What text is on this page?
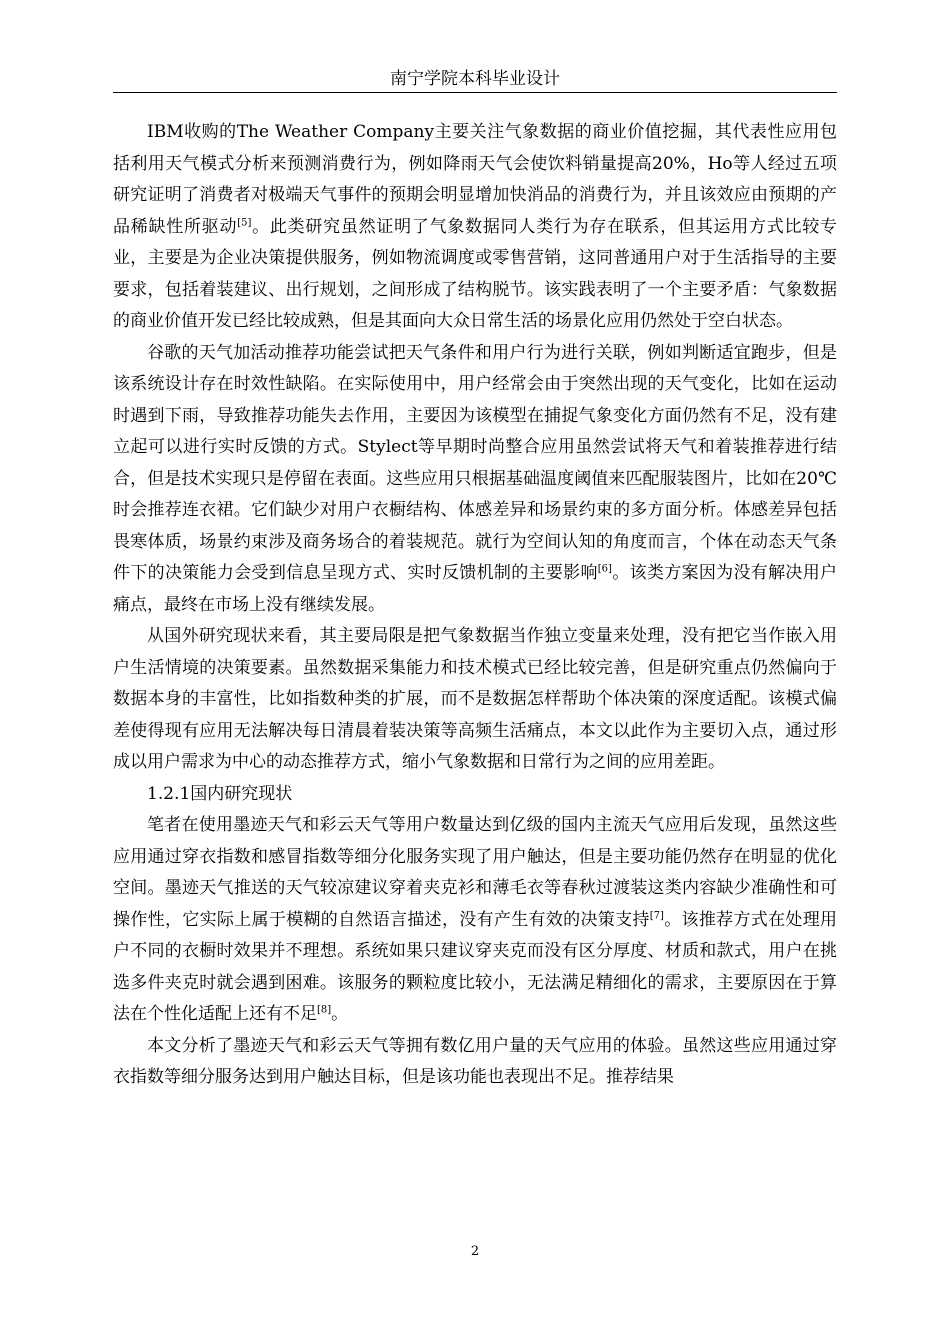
南宁学院本科毕业设计

IBM收购的The Weather Company主要关注气象数据的商业价值挖掘，其代表性应用包括利用天气模式分析来预测消费行为，例如降雨天气会使饮料销量提高20%，Ho等人经过五项研究证明了消费者对极端天气事件的预期会明显增加快消品的消费行为，并且该效应由预期的产品稀缺性所驱动[5]。此类研究虽然证明了气象数据同人类行为存在联系，但其运用方式比较专业，主要是为企业决策提供服务，例如物流调度或零售营销，这同普通用户对于生活指导的主要要求，包括着装建议、出行规划，之间形成了结构脱节。该实践表明了一个主要矛盾：气象数据的商业价值开发已经比较成熟，但是其面向大众日常生活的场景化应用仍然处于空白状态。

谷歌的天气加活动推荐功能尝试把天气条件和用户行为进行关联，例如判断适宜跑步，但是该系统设计存在时效性缺陷。在实际使用中，用户经常会由于突然出现的天气变化，比如在运动时遇到下雨，导致推荐功能失去作用，主要因为该模型在捕捉气象变化方面仍然有不足，没有建立起可以进行实时反馈的方式。Stylect等早期时尚整合应用虽然尝试将天气和着装推荐进行结合，但是技术实现只是停留在表面。这些应用只根据基础温度阈值来匹配服装图片，比如在20℃时会推荐连衣裙。它们缺少对用户衣橱结构、体感差异和场景约束的多方面分析。体感差异包括畏寒体质，场景约束涉及商务场合的着装规范。就行为空间认知的角度而言，个体在动态天气条件下的决策能力会受到信息呈现方式、实时反馈机制的主要影响[6]。该类方案因为没有解决用户痛点，最终在市场上没有继续发展。

从国外研究现状来看，其主要局限是把气象数据当作独立变量来处理，没有把它当作嵌入用户生活情境的决策要素。虽然数据采集能力和技术模式已经比较完善，但是研究重点仍然偏向于数据本身的丰富性，比如指数种类的扩展，而不是数据怎样帮助个体决策的深度适配。该模式偏差使得现有应用无法解决每日清晨着装决策等高频生活痛点，本文以此作为主要切入点，通过形成以用户需求为中心的动态推荐方式，缩小气象数据和日常行为之间的应用差距。

1.2.1国内研究现状

笔者在使用墨迹天气和彩云天气等用户数量达到亿级的国内主流天气应用后发现，虽然这些应用通过穿衣指数和感冒指数等细分化服务实现了用户触达，但是主要功能仍然存在明显的优化空间。墨迹天气推送的天气较凉建议穿着夹克衫和薄毛衣等春秋过渡装这类内容缺少准确性和可操作性，它实际上属于模糊的自然语言描述，没有产生有效的决策支持[7]。该推荐方式在处理用户不同的衣橱时效果并不理想。系统如果只建议穿夹克而没有区分厚度、材质和款式，用户在挑选多件夹克时就会遇到困难。该服务的颗粒度比较小，无法满足精细化的需求，主要原因在于算法在个性化适配上还有不足[8]。

本文分析了墨迹天气和彩云天气等拥有数亿用户量的天气应用的体验。虽然这些应用通过穿衣指数等细分服务达到用户触达目标，但是该功能也表现出不足。推荐结果

2
